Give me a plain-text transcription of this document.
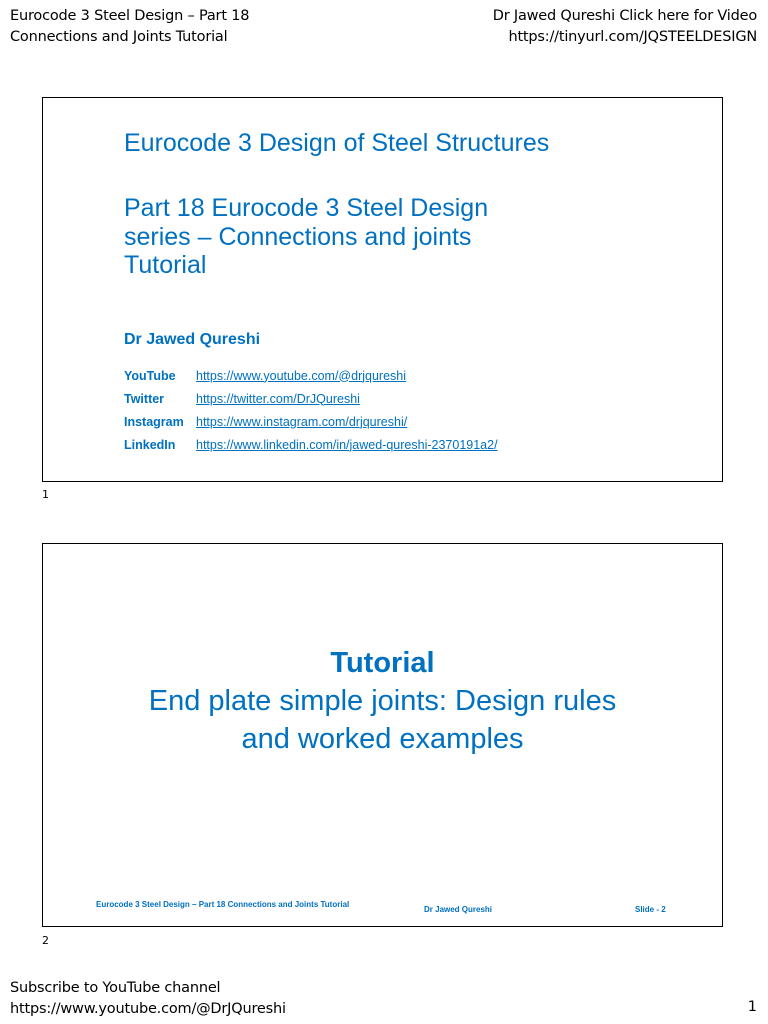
Eurocode 3 Steel Design – Part 18
Connections and Joints Tutorial
Dr Jawed Qureshi Click here for Video
https://tinyurl.com/JQSTEELDESIGN
Eurocode 3 Design of Steel Structures
Part 18 Eurocode 3 Steel Design series – Connections and joints Tutorial
Dr Jawed Qureshi
YouTube	https://www.youtube.com/@drjqureshi
Twitter	https://twitter.com/DrJQureshi
Instagram https://www.instagram.com/drjqureshi/
LinkedIn	https://www.linkedin.com/in/jawed-qureshi-2370191a2/
1
Tutorial
End plate simple joints: Design rules
and worked examples
Eurocode 3 Steel Design – Part 18 Connections and Joints Tutorial
Dr Jawed Qureshi	Slide - 2
2
Subscribe to YouTube channel
https://www.youtube.com/@DrJQureshi	1
